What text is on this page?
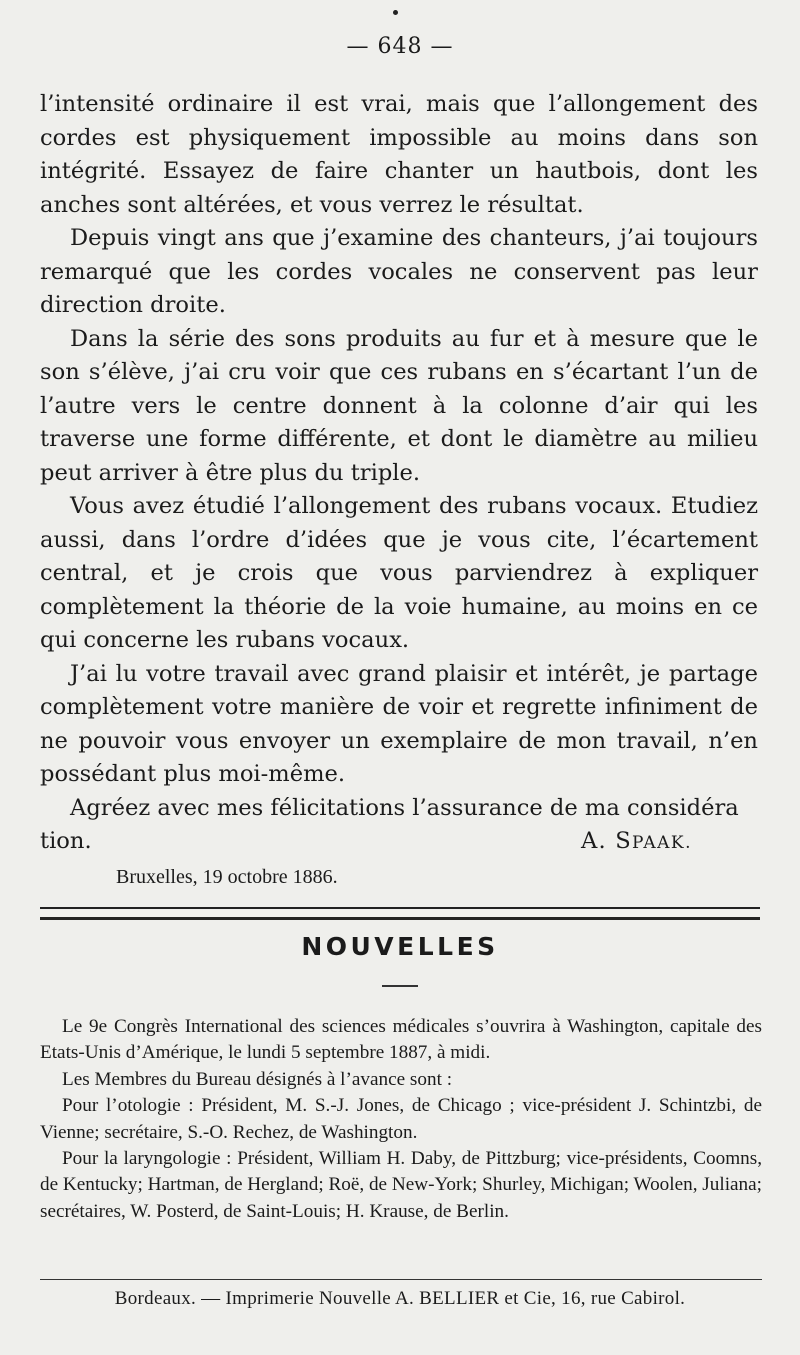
— 648 —

l’intensité ordinaire il est vrai, mais que l’allongement des cordes est physiquement impossible au moins dans son intégrité. Essayez de faire chanter un hautbois, dont les anches sont altérées, et vous verrez le résultat.

Depuis vingt ans que j’examine des chanteurs, j’ai toujours remarqué que les cordes vocales ne conservent pas leur direction droite.

Dans la série des sons produits au fur et à mesure que le son s’élève, j’ai cru voir que ces rubans en s’écartant l’un de l’autre vers le centre donnent à la colonne d’air qui les traverse une forme différente, et dont le diamètre au milieu peut arriver à être plus du triple.

Vous avez étudié l’allongement des rubans vocaux. Etudiez aussi, dans l’ordre d’idées que je vous cite, l’écartement central, et je crois que vous parviendrez à expliquer complètement la théorie de la voie humaine, au moins en ce qui concerne les rubans vocaux.

J’ai lu votre travail avec grand plaisir et intérêt, je partage complètement votre manière de voir et regrette infiniment de ne pouvoir vous envoyer un exemplaire de mon travail, n’en possédant plus moi-même.

Agréez avec mes félicitations l’assurance de ma considéra

tion.	A. SPAAK.

Bruxelles, 19 octobre 1886.

NOUVELLES

Le 9e Congrès International des sciences médicales s’ouvrira à Washington, capitale des Etats-Unis d’Amérique, le lundi 5 septembre 1887, à midi.

Les Membres du Bureau désignés à l’avance sont :

Pour l’otologie : Président, M. S.-J. Jones, de Chicago ; vice-président J. Schintzbi, de Vienne; secrétaire, S.-O. Rechez, de Washington.

Pour la laryngologie : Président, William H. Daby, de Pittzburg; vice-présidents, Coomns, de Kentucky; Hartman, de Hergland; Roë, de New-York; Shurley, Michigan; Woolen, Juliana; secrétaires, W. Posterd, de Saint-Louis; H. Krause, de Berlin.

Bordeaux. — Imprimerie Nouvelle A. BELLIER et Cie, 16, rue Cabirol.
